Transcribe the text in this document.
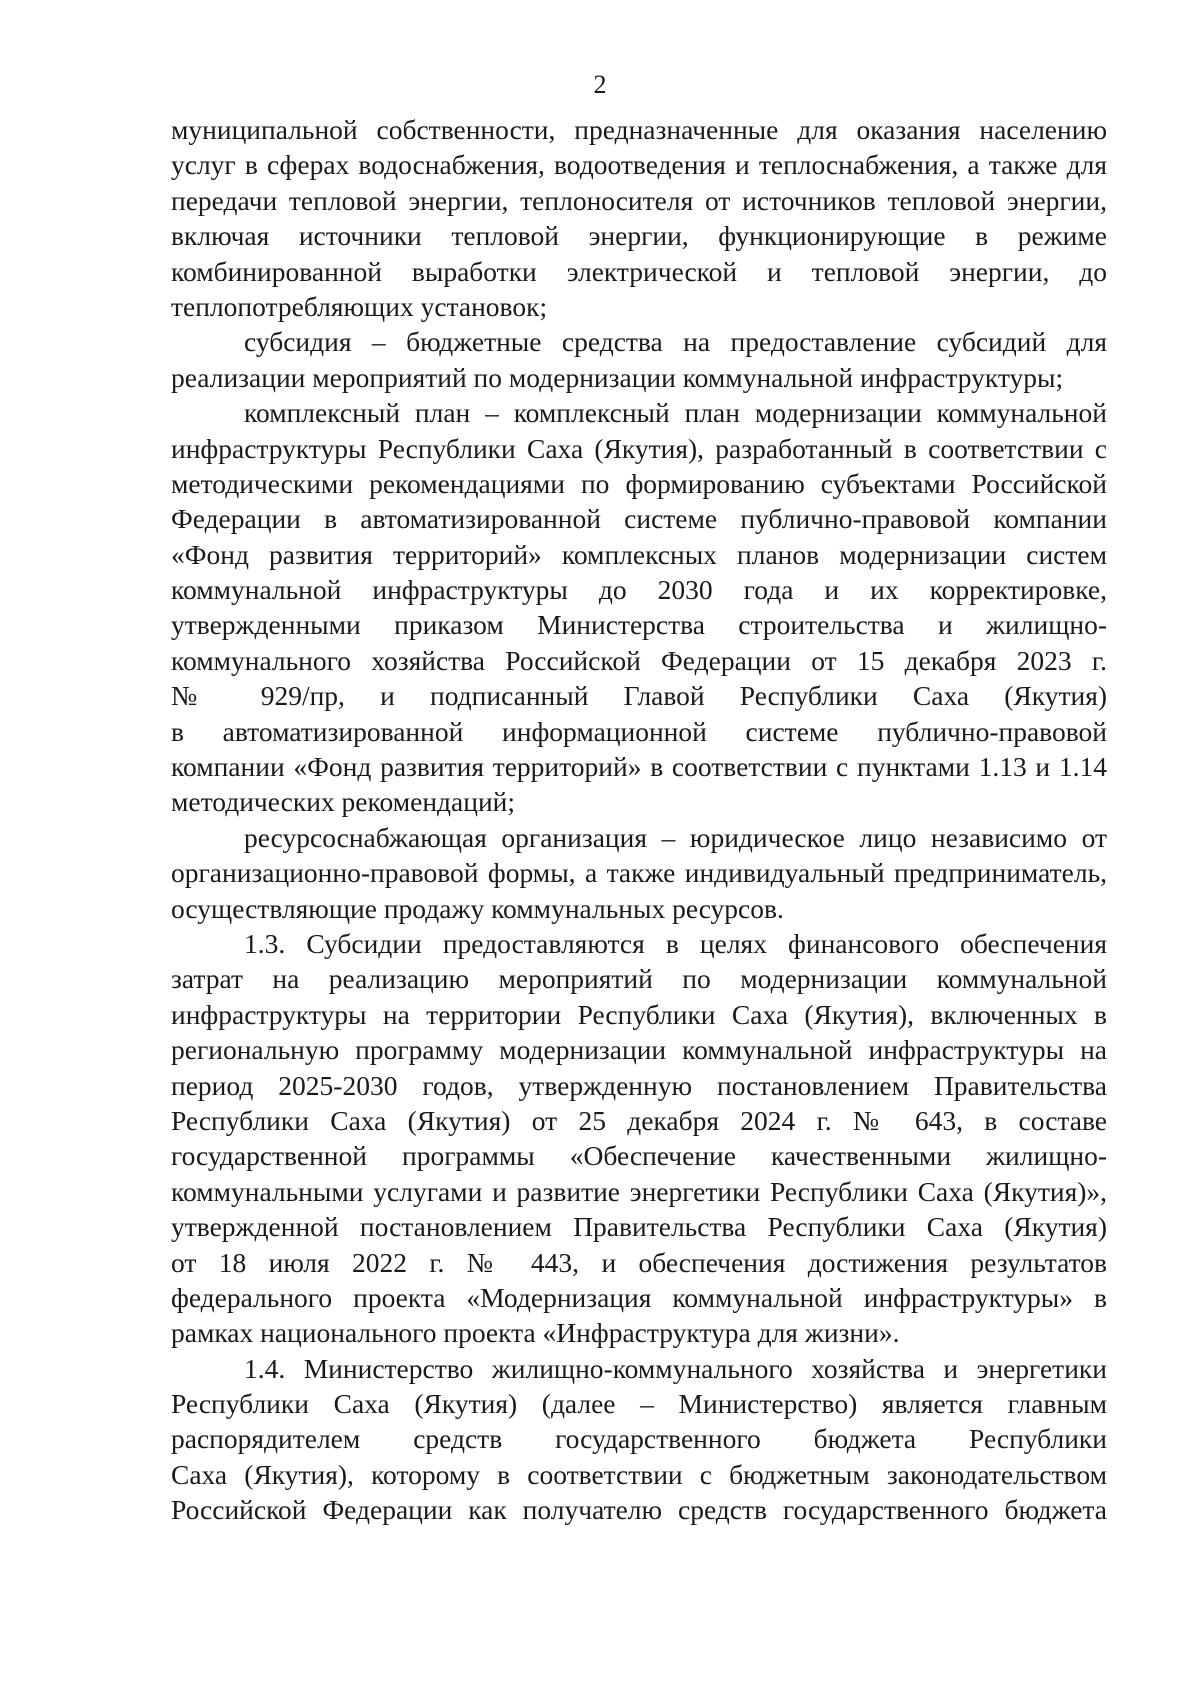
2
муниципальной собственности, предназначенные для оказания населению
услуг в сферах водоснабжения, водоотведения и теплоснабжения, а также для
передачи тепловой энергии, теплоносителя от источников тепловой энергии,
включая источники тепловой энергии, функционирующие в режиме
комбинированной выработки электрической и тепловой энергии, до
теплопотребляющих установок;
субсидия – бюджетные средства на предоставление субсидий для
реализации мероприятий по модернизации коммунальной инфраструктуры;
комплексный план – комплексный план модернизации коммунальной
инфраструктуры Республики Саха (Якутия), разработанный в соответствии с
методическими рекомендациями по формированию субъектами Российской
Федерации в автоматизированной системе публично-правовой компании
«Фонд развития территорий» комплексных планов модернизации систем
коммунальной инфраструктуры до 2030 года и их корректировке,
утвержденными приказом Министерства строительства и жилищно-
коммунального хозяйства Российской Федерации от 15 декабря 2023 г.
№ 929/пр, и подписанный Главой Республики Саха (Якутия)
в автоматизированной информационной системе публично-правовой
компании «Фонд развития территорий» в соответствии с пунктами 1.13 и 1.14
методических рекомендаций;
ресурсоснабжающая организация – юридическое лицо независимо от
организационно-правовой формы, а также индивидуальный предприниматель,
осуществляющие продажу коммунальных ресурсов.
1.3. Субсидии предоставляются в целях финансового обеспечения
затрат на реализацию мероприятий по модернизации коммунальной
инфраструктуры на территории Республики Саха (Якутия), включенных в
региональную программу модернизации коммунальной инфраструктуры на
период 2025-2030 годов, утвержденную постановлением Правительства
Республики Саха (Якутия) от 25 декабря 2024 г. № 643, в составе
государственной программы «Обеспечение качественными жилищно-
коммунальными услугами и развитие энергетики Республики Саха (Якутия)»,
утвержденной постановлением Правительства Республики Саха (Якутия)
от 18 июля 2022 г. № 443, и обеспечения достижения результатов
федерального проекта «Модернизация коммунальной инфраструктуры» в
рамках национального проекта «Инфраструктура для жизни».
1.4. Министерство жилищно-коммунального хозяйства и энергетики
Республики Саха (Якутия) (далее – Министерство) является главным
распорядителем средств государственного бюджета Республики
Саха (Якутия), которому в соответствии с бюджетным законодательством
Российской Федерации как получателю средств государственного бюджета
